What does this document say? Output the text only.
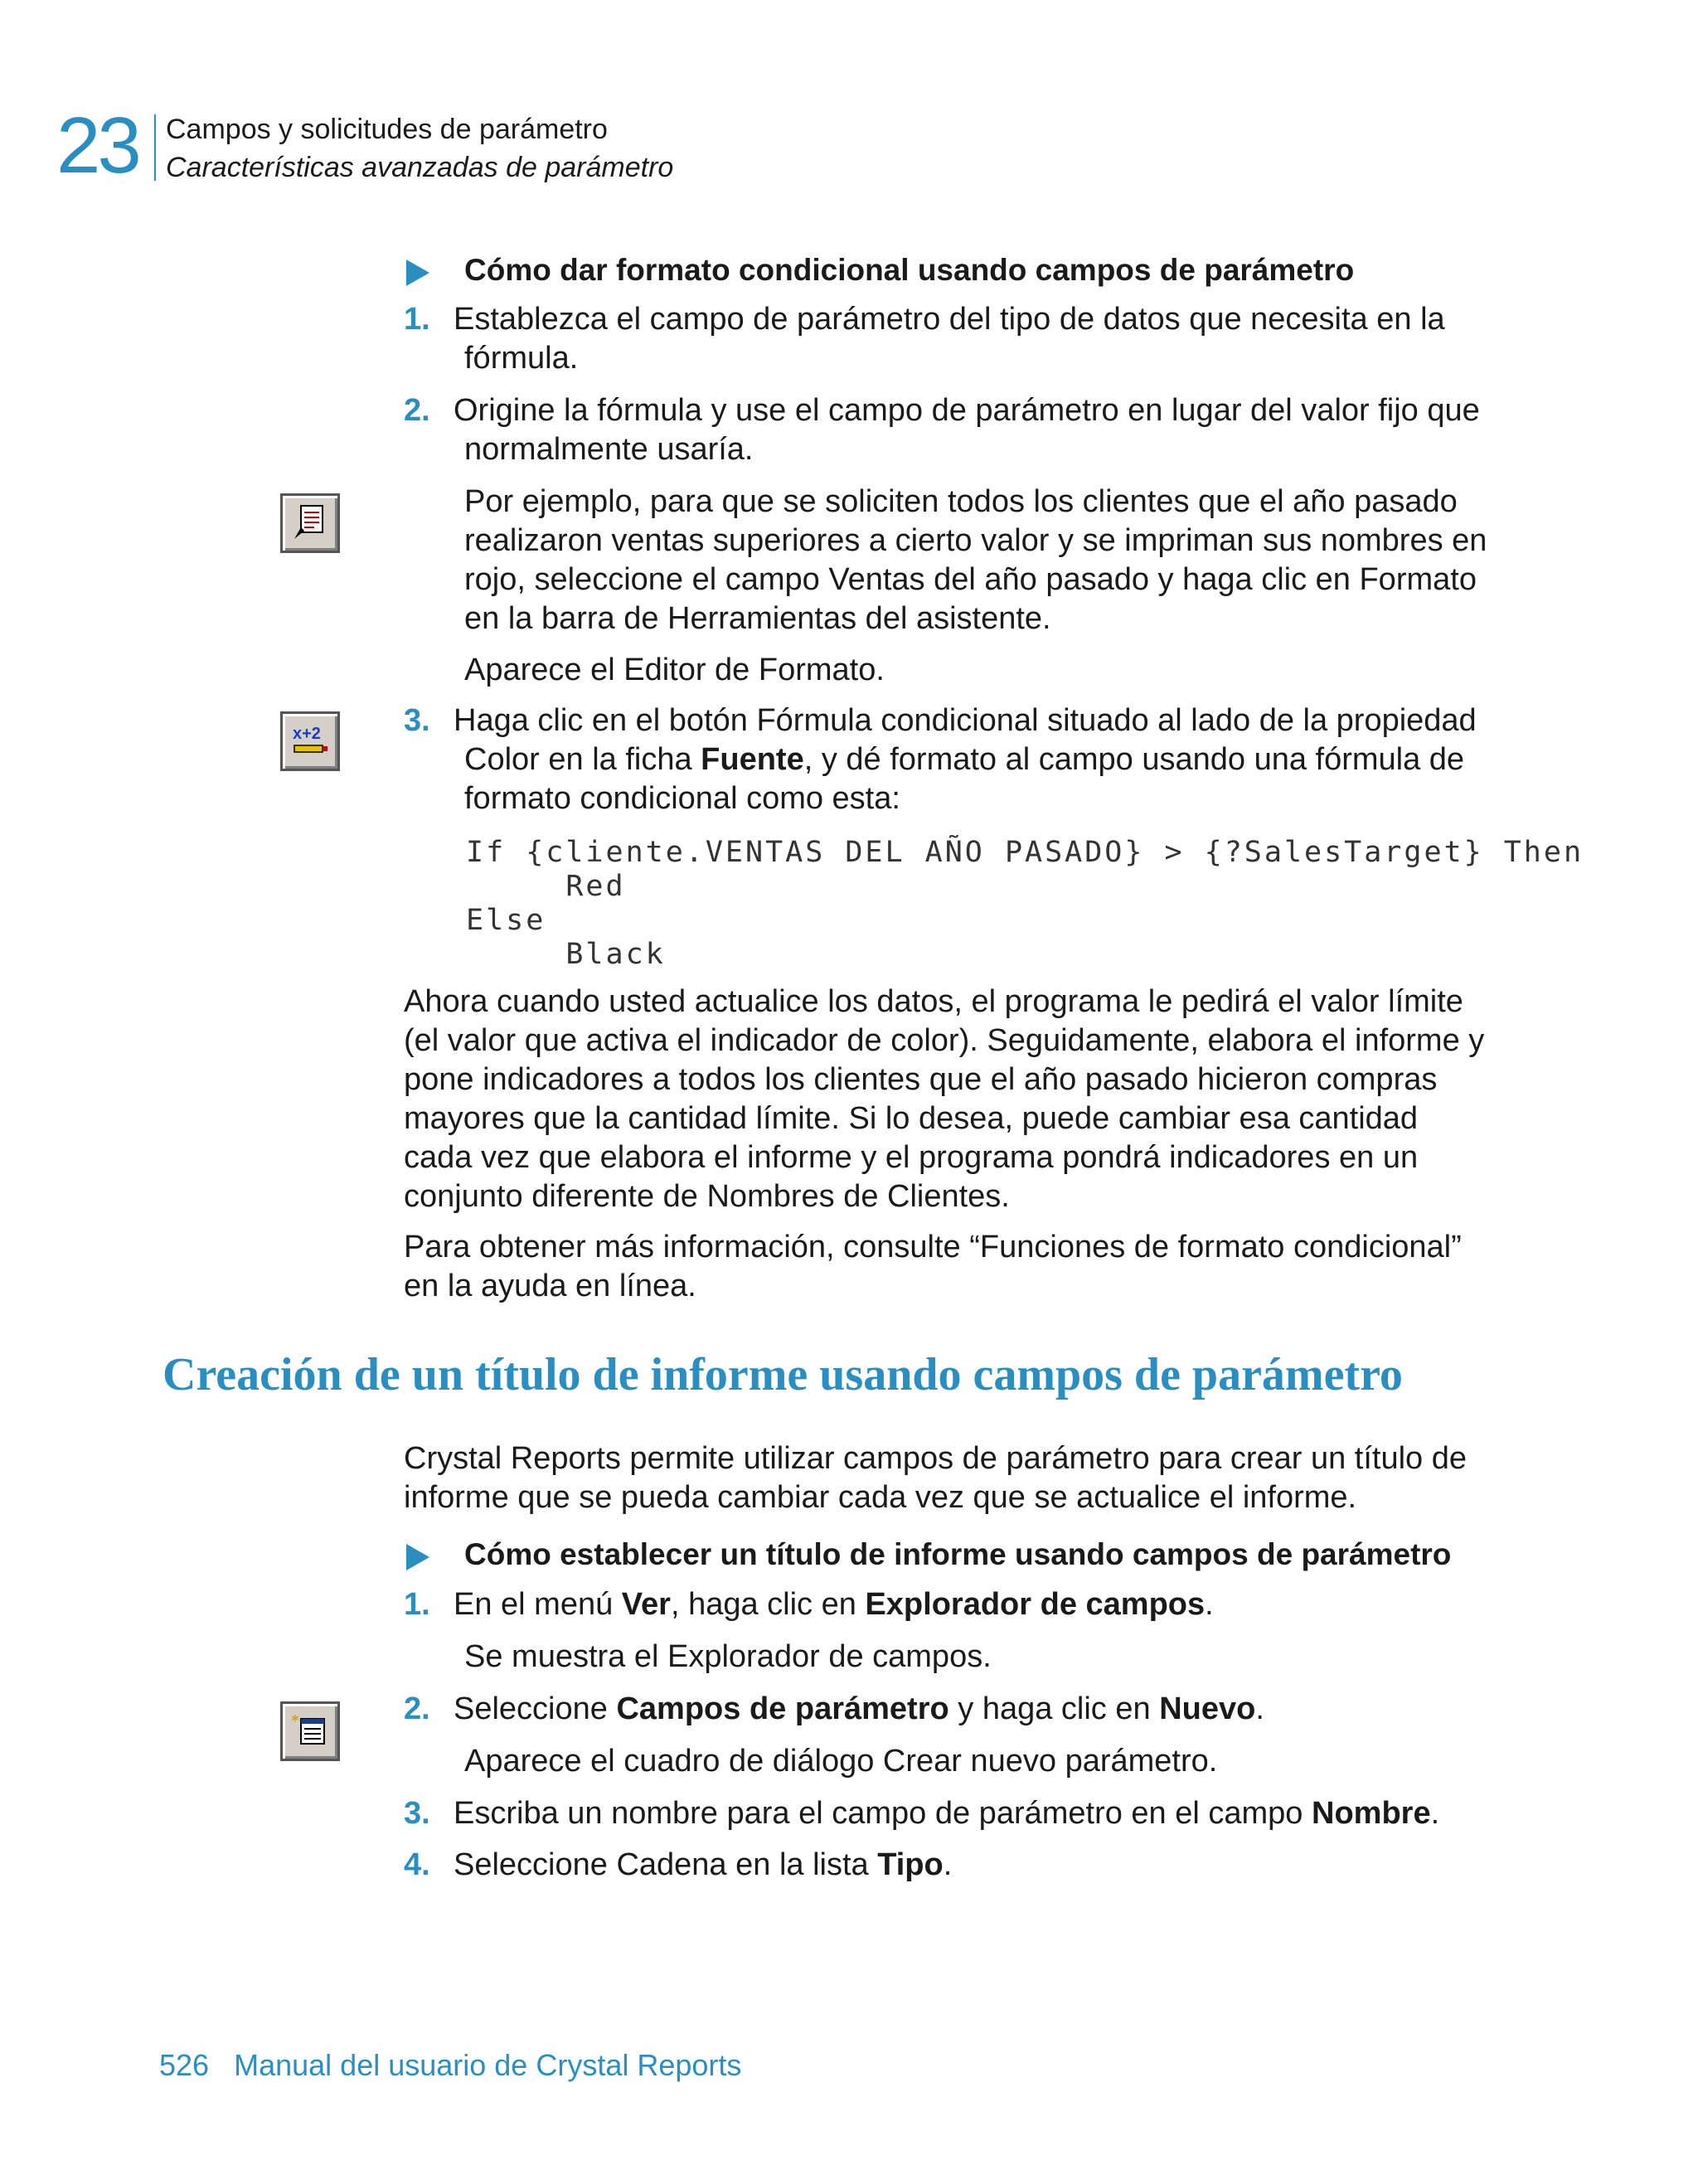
23 Campos y solicitudes de parámetro
Características avanzadas de parámetro
Cómo dar formato condicional usando campos de parámetro
1. Establezca el campo de parámetro del tipo de datos que necesita en la
fórmula.
2. Origine la fórmula y use el campo de parámetro en lugar del valor fijo que
normalmente usaría.
Por ejemplo, para que se soliciten todos los clientes que el año pasado
realizaron ventas superiores a cierto valor y se impriman sus nombres en
rojo, seleccione el campo Ventas del año pasado y haga clic en Formato
en la barra de Herramientas del asistente.
Aparece el Editor de Formato.
x+2	3. Haga clic en el botón Fórmula condicional situado al lado de la propiedad
Color en la ficha Fuente, y dé formato al campo usando una fórmula de
formato condicional como esta:
If {cliente.VENTAS DEL AÑO PASADO} > {?SalesTarget} Then
Red
Else
Black
Ahora cuando usted actualice los datos, el programa le pedirá el valor límite
(el valor que activa el indicador de color). Seguidamente, elabora el informe y
pone indicadores a todos los clientes que el año pasado hicieron compras
mayores que la cantidad límite. Si lo desea, puede cambiar esa cantidad
cada vez que elabora el informe y el programa pondrá indicadores en un
conjunto diferente de Nombres de Clientes.
Para obtener más información, consulte “Funciones de formato condicional”
en la ayuda en línea.
Creación de un título de informe usando campos de parámetro
Crystal Reports permite utilizar campos de parámetro para crear un título de
informe que se pueda cambiar cada vez que se actualice el informe.
Cómo establecer un título de informe usando campos de parámetro
1. En el menú Ver, haga clic en Explorador de campos.
Se muestra el Explorador de campos.
*	2. Seleccione Campos de parámetro y haga clic en Nuevo.
Aparece el cuadro de diálogo Crear nuevo parámetro.
3. Escriba un nombre para el campo de parámetro en el campo Nombre.
4. Seleccione Cadena en la lista Tipo.
526 Manual del usuario de Crystal Reports
